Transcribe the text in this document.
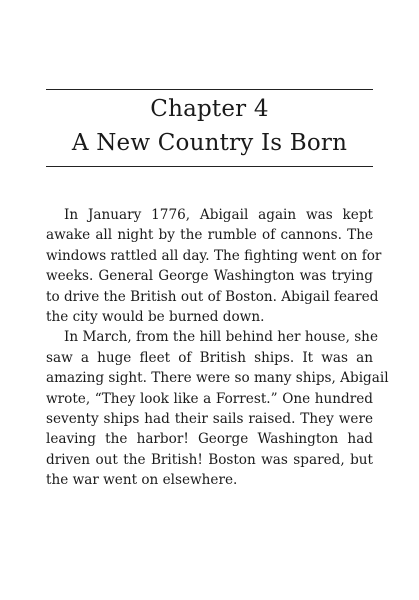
Chapter 4
A New Country Is Born
In January 1776, Abigail again was kept
awake all night by the rumble of cannons. The
windows rattled all day. The fighting went on for
weeks. General George Washington was trying
to drive the British out of Boston. Abigail feared
the city would be burned down.
In March, from the hill behind her house, she
saw a huge fleet of British ships. It was an
amazing sight. There were so many ships, Abigail
wrote, “They look like a Forrest.” One hundred
seventy ships had their sails raised. They were
leaving the harbor! George Washington had
driven out the British! Boston was spared, but
the war went on elsewhere.
